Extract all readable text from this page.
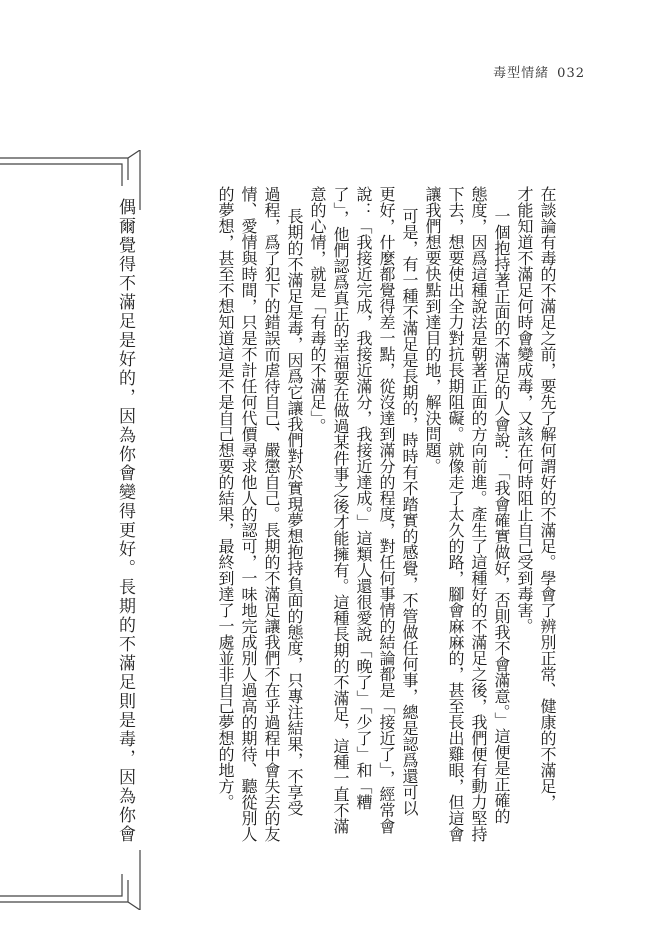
毒型情緒 032
在談論有毒的不滿足之前，要先了解何謂好的不滿足。學會了辨別正常、健康的不滿足，
才能知道不滿足何時會變成毒，又該在何時阻止自己受到毒害。
一個抱持著正面的不滿足的人會說：「我會確實做好，否則我不會滿意。」這便是正確的
態度，因爲這種說法是朝著正面的方向前進。產生了這種好的不滿足之後，我們便有動力堅持
下去，想要使出全力對抗長期阻礙。就像走了太久的路，腳會麻麻的，甚至長出雞眼，但這會
讓我們想要快點到達目的地，解決問題。
可是，有一種不滿足是長期的，時時有不踏實的感覺，不管做任何事，總是認爲還可以
更好，什麼都覺得差一點，從沒達到滿分的程度，對任何事情的結論都是「接近了」，經常會
說：「我接近完成，我接近滿分，我接近達成。」這類人還很愛說「晚了」「少了」和「糟
了」，他們認爲真正的幸福要在做過某件事之後才能擁有。這種長期的不滿足，這種一直不滿
意的心情，就是「有毒的不滿足」。
長期的不滿足是毒，因爲它讓我們對於實現夢想抱持負面的態度，只專注結果，不享受
過程，爲了犯下的錯誤而虐待自己、嚴懲自己。長期的不滿足讓我們不在乎過程中會失去的友
情、愛情與時間，只是不計任何代價尋求他人的認可，一味地完成別人過高的期待、聽從別人
的夢想，甚至不想知道這是不是自己想要的結果，最終到達了一處並非自己夢想的地方。
偶爾覺得不滿足是好的，因為你會變得更好。長期的不滿足則是毒，因為你會
